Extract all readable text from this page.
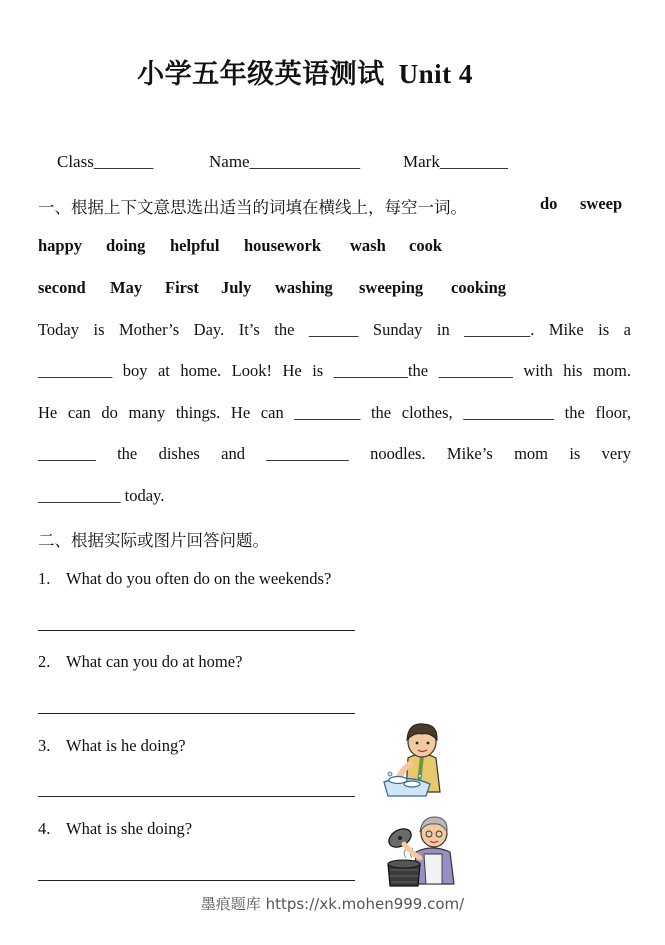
小学五年级英语测试 Unit 4
Class_______	Name_____________	Mark________
一、根据上下文意思选出适当的词填在横线上，每空一词。	do sweep
happy doing helpful housework wash cook
second May First July washing sweeping cooking
Today is Mother’s Day. It’s the ______ Sunday in ________. Mike is a
_________ boy at home. Look! He is _________the _________ with his mom.
He can do many things. He can ________ the clothes, ___________ the floor,
_______ the dishes and __________ noodles. Mike’s mom is very
__________ today.
二、根据实际或图片回答问题。
1. What do you often do on the weekends?
2. What can you do at home?
3. What is he doing?
4. What is she doing?
墨痕题库 https://xk.mohen999.com/
